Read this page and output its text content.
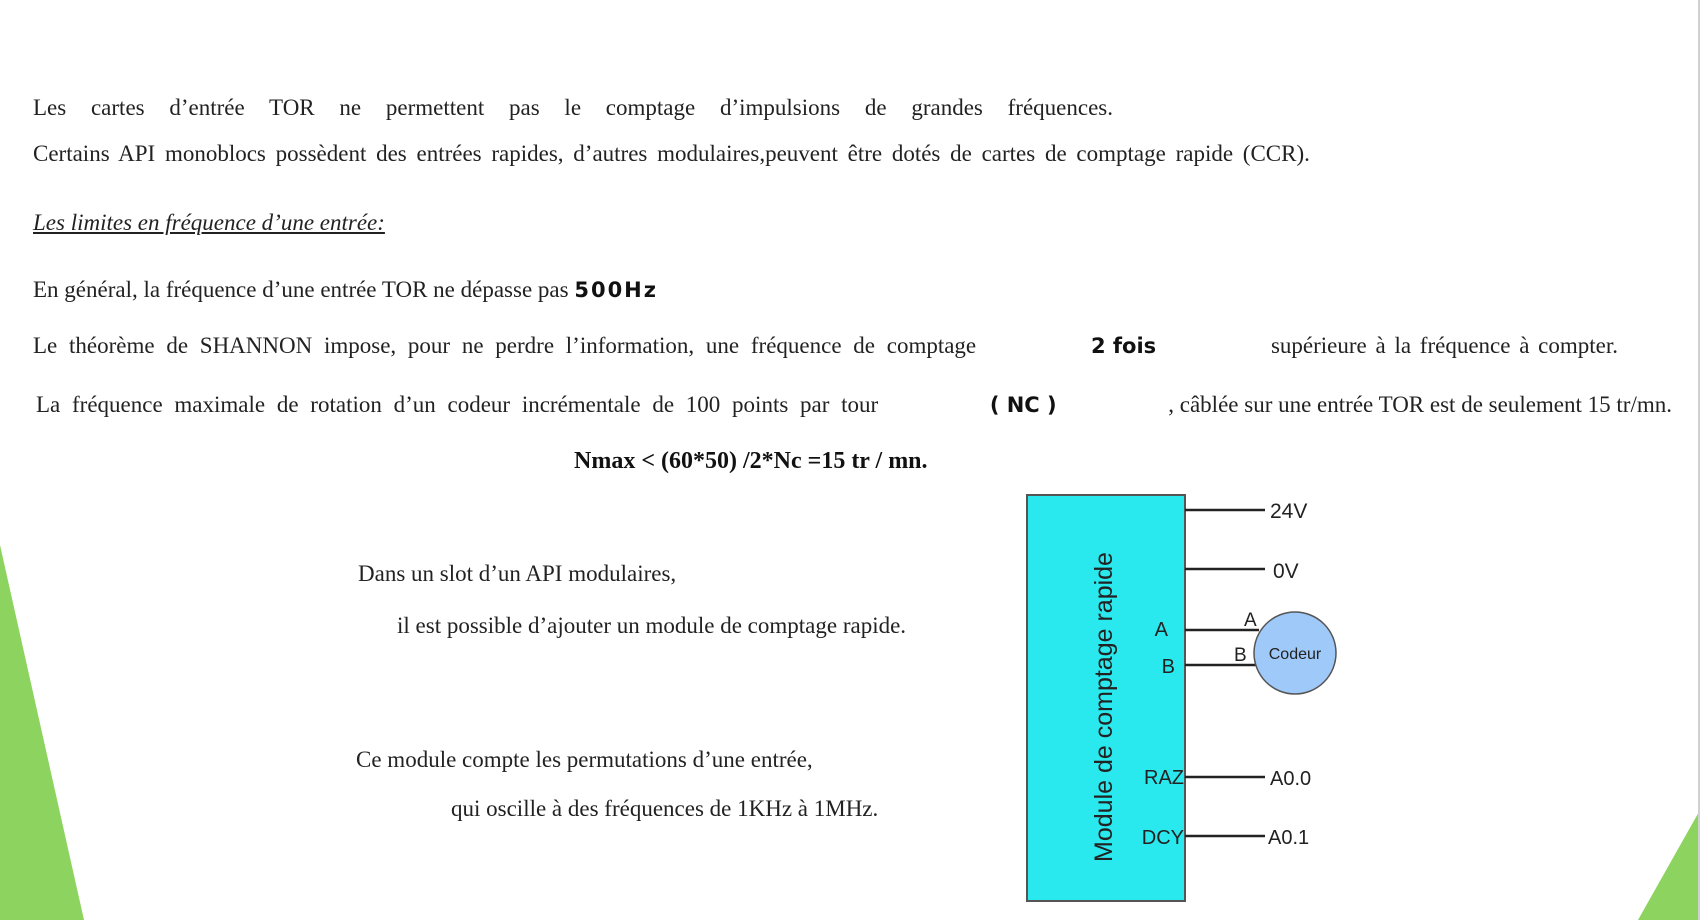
Les cartes d’entrée TOR ne permettent pas le comptage d’impulsions de grandes fréquences.
Certains API monoblocs possèdent des entrées rapides, d’autres modulaires,peuvent être dotés de cartes de comptage rapide (CCR).
Les limites en fréquence d’une entrée:
En général, la fréquence d’une entrée TOR ne dépasse pas 500Hz
Le théorème de SHANNON impose, pour ne perdre l’information, une fréquence de comptage	2 fois	supérieure à la fréquence à compter.
La fréquence maximale de rotation d’un codeur incrémentale de 100 points par tour	( NC )	, câblée sur une entrée TOR est de seulement 15 tr/mn.
Nmax < (60*50) /2*Nc =15 tr / mn.
Dans un slot d’un API modulaires,
il est possible d’ajouter un module de comptage rapide.
Ce module compte les permutations d’une entrée,
qui oscille à des fréquences de 1KHz à 1MHz.	Module de comptage rapide
24V
0V
A
B
A
B Codeur
RAZ	A0.0
DCY	A0.1
